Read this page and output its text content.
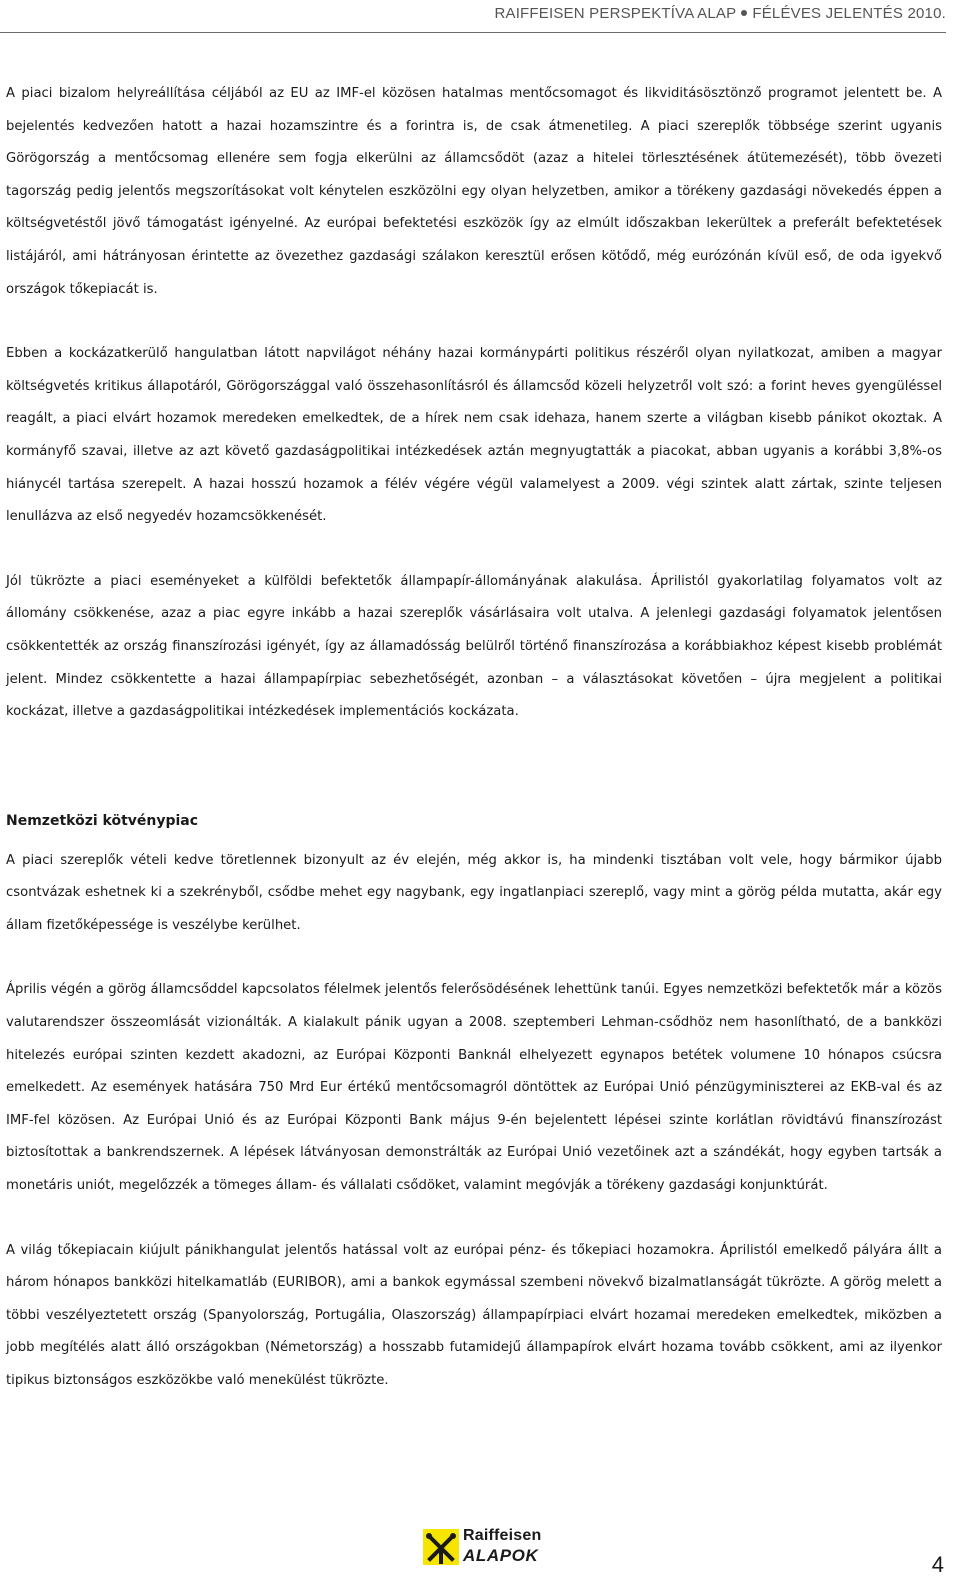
RAIFFEISEN PERSPEKTÍVA ALAP FÉLÉVES JELENTÉS 2010.

A piaci bizalom helyreállítása céljából az EU az IMF-el közösen hatalmas mentőcsomagot és likviditásösztönző programot jelentett be. A bejelentés kedvezően hatott a hazai hozamszintre és a forintra is, de csak átmenetileg. A piaci szereplők többsége szerint ugyanis Görögország a mentőcsomag ellenére sem fogja elkerülni az államcsődöt (azaz a hitelei törlesztésének átütemezését), több övezeti tagország pedig jelentős megszorításokat volt kénytelen eszközölni egy olyan helyzetben, amikor a törékeny gazdasági növekedés éppen a költségvetéstől jövő támogatást igényelné. Az európai befektetési eszközök így az elmúlt időszakban lekerültek a preferált befektetések listájáról, ami hátrányosan érintette az övezethez gazdasági szálakon keresztül erősen kötődő, még eurózónán kívül eső, de oda igyekvő országok tőkepiacát is.

Ebben a kockázatkerülő hangulatban látott napvilágot néhány hazai kormánypárti politikus részéről olyan nyilatkozat, amiben a magyar költségvetés kritikus állapotáról, Görögországgal való összehasonlításról és államcsőd közeli helyzetről volt szó: a forint heves gyengüléssel reagált, a piaci elvárt hozamok meredeken emelkedtek, de a hírek nem csak idehaza, hanem szerte a világban kisebb pánikot okoztak. A kormányfő szavai, illetve az azt követő gazdaságpolitikai intézkedések aztán megnyugtatták a piacokat, abban ugyanis a korábbi 3,8%-os hiánycél tartása szerepelt. A hazai hosszú hozamok a félév végére végül valamelyest a 2009. végi szintek alatt zártak, szinte teljesen lenullázva az első negyedév hozamcsökkenését.

Jól tükrözte a piaci eseményeket a külföldi befektetők állampapír-állományának alakulása. Áprilistól gyakorlatilag folyamatos volt az állomány csökkenése, azaz a piac egyre inkább a hazai szereplők vásárlásaira volt utalva. A jelenlegi gazdasági folyamatok jelentősen csökkentették az ország finanszírozási igényét, így az államadósság belülről történő finanszírozása a korábbiakhoz képest kisebb problémát jelent. Mindez csökkentette a hazai állampapírpiac sebezhetőségét, azonban – a választásokat követően – újra megjelent a politikai kockázat, illetve a gazdaságpolitikai intézkedések implementációs kockázata.

Nemzetközi kötvénypiac

A piaci szereplők vételi kedve töretlennek bizonyult az év elején, még akkor is, ha mindenki tisztában volt vele, hogy bármikor újabb csontvázak eshetnek ki a szekrényből, csődbe mehet egy nagybank, egy ingatlanpiaci szereplő, vagy mint a görög példa mutatta, akár egy állam fizetőképessége is veszélybe kerülhet.

Április végén a görög államcsőddel kapcsolatos félelmek jelentős felerősödésének lehettünk tanúi. Egyes nemzetközi befektetők már a közös valutarendszer összeomlását vizionálták. A kialakult pánik ugyan a 2008. szeptemberi Lehman-csődhöz nem hasonlítható, de a bankközi hitelezés európai szinten kezdett akadozni, az Európai Központi Banknál elhelyezett egynapos betétek volumene 10 hónapos csúcsra emelkedett. Az események hatására 750 Mrd Eur értékű mentőcsomagról döntöttek az Európai Unió pénzügyminiszterei az EKB-val és az IMF-fel közösen. Az Európai Unió és az Európai Központi Bank május 9-én bejelentett lépései szinte korlátlan rövidtávú finanszírozást biztosítottak a bankrendszernek. A lépések látványosan demonstrálták az Európai Unió vezetőinek azt a szándékát, hogy egyben tartsák a monetáris uniót, megelőzzék a tömeges állam- és vállalati csődöket, valamint megóvják a törékeny gazdasági konjunktúrát.

A világ tőkepiacain kiújult pánikhangulat jelentős hatással volt az európai pénz- és tőkepiaci hozamokra. Áprilistól emelkedő pályára állt a három hónapos bankközi hitelkamatláb (EURIBOR), ami a bankok egymással szembeni növekvő bizalmatlanságát tükrözte. A görög melett a többi veszélyeztetett ország (Spanyolország, Portugália, Olaszország) állampapírpiaci elvárt hozamai meredeken emelkedtek, miközben a jobb megítélés alatt álló országokban (Németország) a hosszabb futamidejű állampapírok elvárt hozama tovább csökkent, ami az ilyenkor tipikus biztonságos eszközökbe való menekülést tükrözte.

Raiffeisen
ALAPOK	4
